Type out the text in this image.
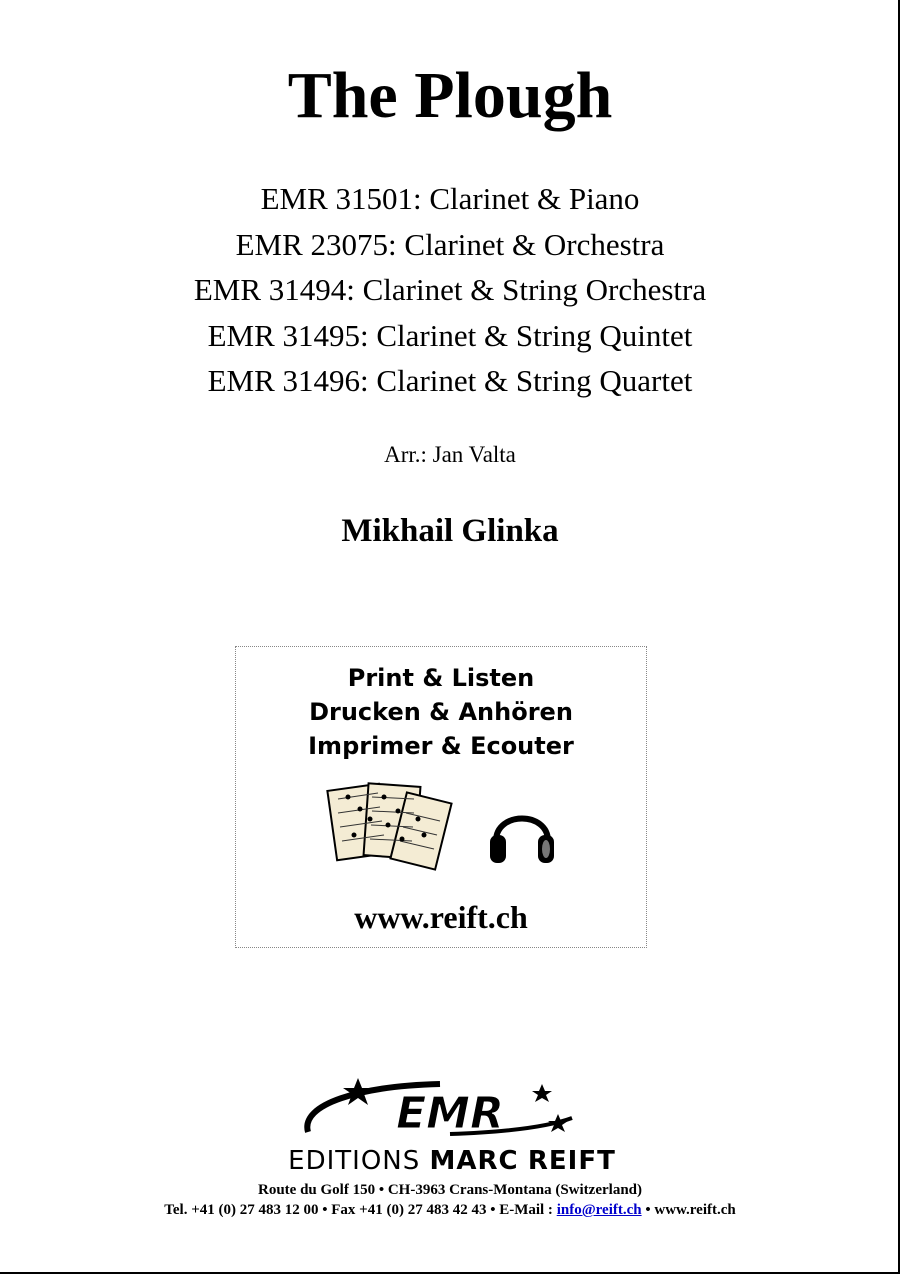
The Plough
EMR 31501: Clarinet & Piano
EMR 23075: Clarinet & Orchestra
EMR 31494: Clarinet & String Orchestra
EMR 31495: Clarinet & String Quintet
EMR 31496: Clarinet & String Quartet
Arr.: Jan Valta
Mikhail Glinka
Print & Listen
Drucken & Anhören
Imprimer & Ecouter
www.reift.ch
EMR
EDITIONS MARC REIFT
Route du Golf 150 • CH-3963 Crans-Montana (Switzerland)
Tel. +41 (0) 27 483 12 00 • Fax +41 (0) 27 483 42 43 • E-Mail : info@reift.ch • www.reift.ch
